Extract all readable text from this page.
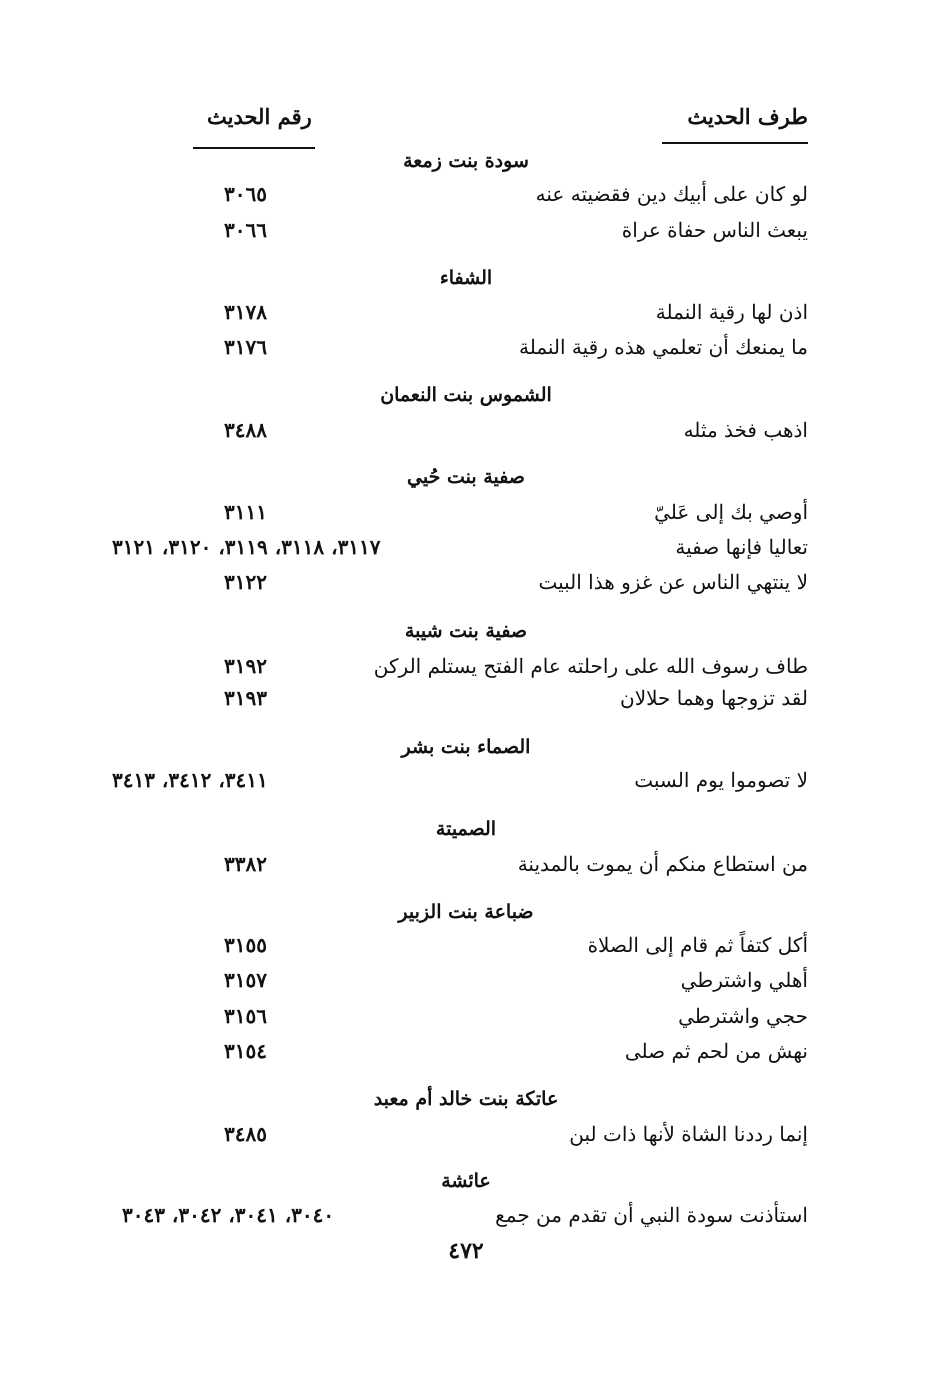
طرف الحديث
رقم الحديث
سودة بنت زمعة
لو كان على أبيك دين فقضيته عنه
٣٠٦٥
يبعث الناس حفاة عراة
٣٠٦٦
الشفاء
اذن لها رقية النملة
٣١٧٨
ما يمنعك أن تعلمي هذه رقية النملة
٣١٧٦
الشموس بنت النعمان
اذهب فخذ مثله
٣٤٨٨
صفية بنت حُيي
أوصي بك إلى عَليّ
٣١١١
تعاليا فإنها صفية
٣١١٧، ٣١١٨، ٣١١٩، ٣١٢٠، ٣١٢١
لا ينتهي الناس عن غزو هذا البيت
٣١٢٢
صفية بنت شيبة
طاف رسوف الله على راحلته عام الفتح يستلم الركن
٣١٩٢
لقد تزوجها وهما حلالان
٣١٩٣
الصماء بنت بشر
لا تصوموا يوم السبت
٣٤١١، ٣٤١٢، ٣٤١٣
الصميتة
من استطاع منكم أن يموت بالمدينة
٣٣٨٢
ضباعة بنت الزبير
أكل كتفاً ثم قام إلى الصلاة
٣١٥٥
أهلي واشترطي
٣١٥٧
حجي واشترطي
٣١٥٦
نهش من لحم ثم صلى
٣١٥٤
عاتكة بنت خالد أم معبد
إنما رددنا الشاة لأنها ذات لبن
٣٤٨٥
عائشة
استأذنت سودة النبي أن تقدم من جمع
٣٠٤٠، ٣٠٤١، ٣٠٤٢، ٣٠٤٣
٤٧٢
